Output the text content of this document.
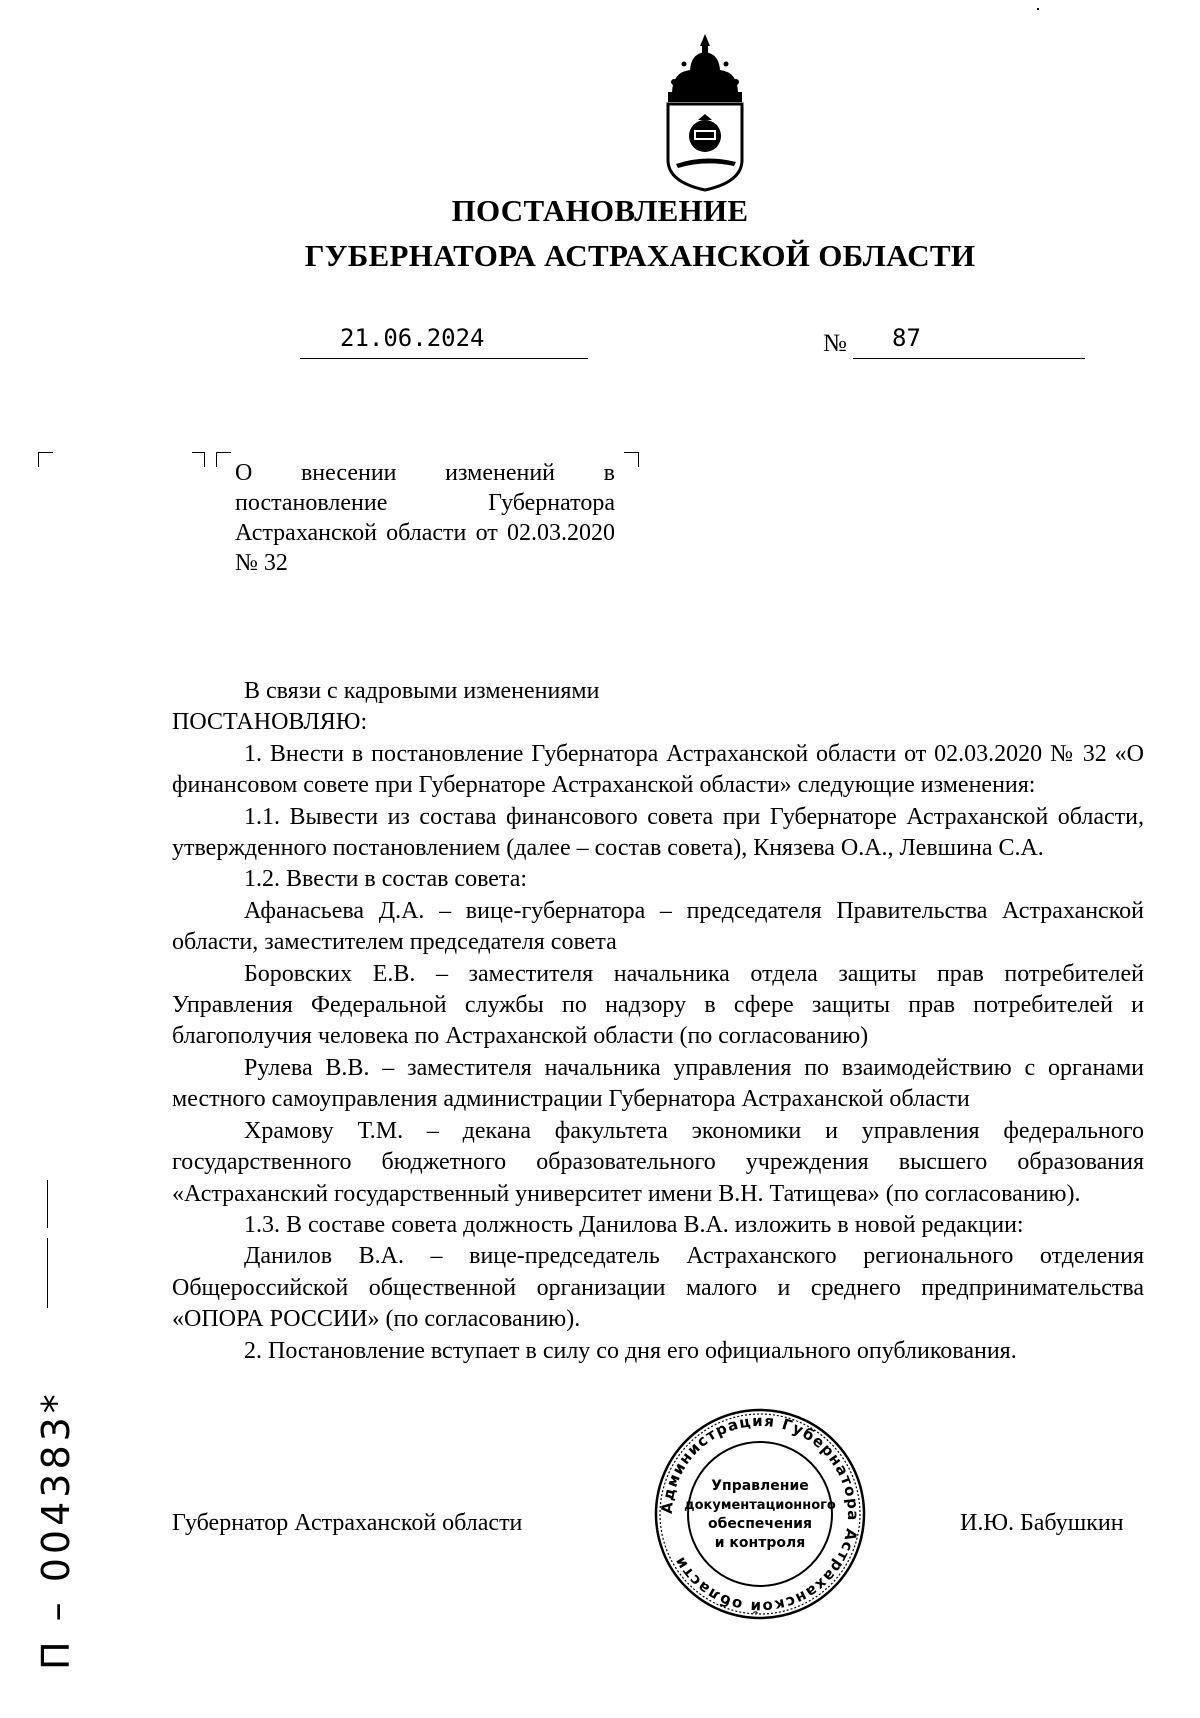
ПОСТАНОВЛЕНИЕ
ГУБЕРНАТОРА АСТРАХАНСКОЙ ОБЛАСТИ
21.06.2024	№ 87
О внесении изменений в постановление Губернатора Астраханской области от 02.03.2020
№ 32

В связи с кадровыми изменениями

ПОСТАНОВЛЯЮ:

1. Внести в постановление Губернатора Астраханской области от 02.03.2020 № 32 «О финансовом совете при Губернаторе Астраханской области» следующие изменения:

1.1. Вывести из состава финансового совета при Губернаторе Астраханской области, утвержденного постановлением (далее – состав совета), Князева О.А., Левшина С.А.

1.2. Ввести в состав совета:

Афанасьева Д.А. – вице-губернатора – председателя Правительства Астраханской области, заместителем председателя совета

Боровских Е.В. – заместителя начальника отдела защиты прав потребителей Управления Федеральной службы по надзору в сфере защиты прав потребителей и благополучия человека по Астраханской области (по согласованию)

Рулева В.В. – заместителя начальника управления по взаимодействию с органами местного самоуправления администрации Губернатора Астраханской области

Храмову Т.М. – декана факультета экономики и управления федерального государственного бюджетного образовательного учреждения высшего образования «Астраханский государственный университет имени В.Н. Татищева» (по согласованию).

1.3. В составе совета должность Данилова В.А. изложить в новой редакции:

Данилов В.А. – вице-председатель Астраханского регионального отделения Общероссийской общественной организации малого и среднего предпринимательства «ОПОРА РОССИИ» (по согласованию).

2. Постановление вступает в силу со дня его официального опубликования.

Губернатор Астраханской области	И.Ю. Бабушкин
Администрация Губернатора Астраханской области
Управление
документационного
обеспечения
и контроля
П – 004383*
